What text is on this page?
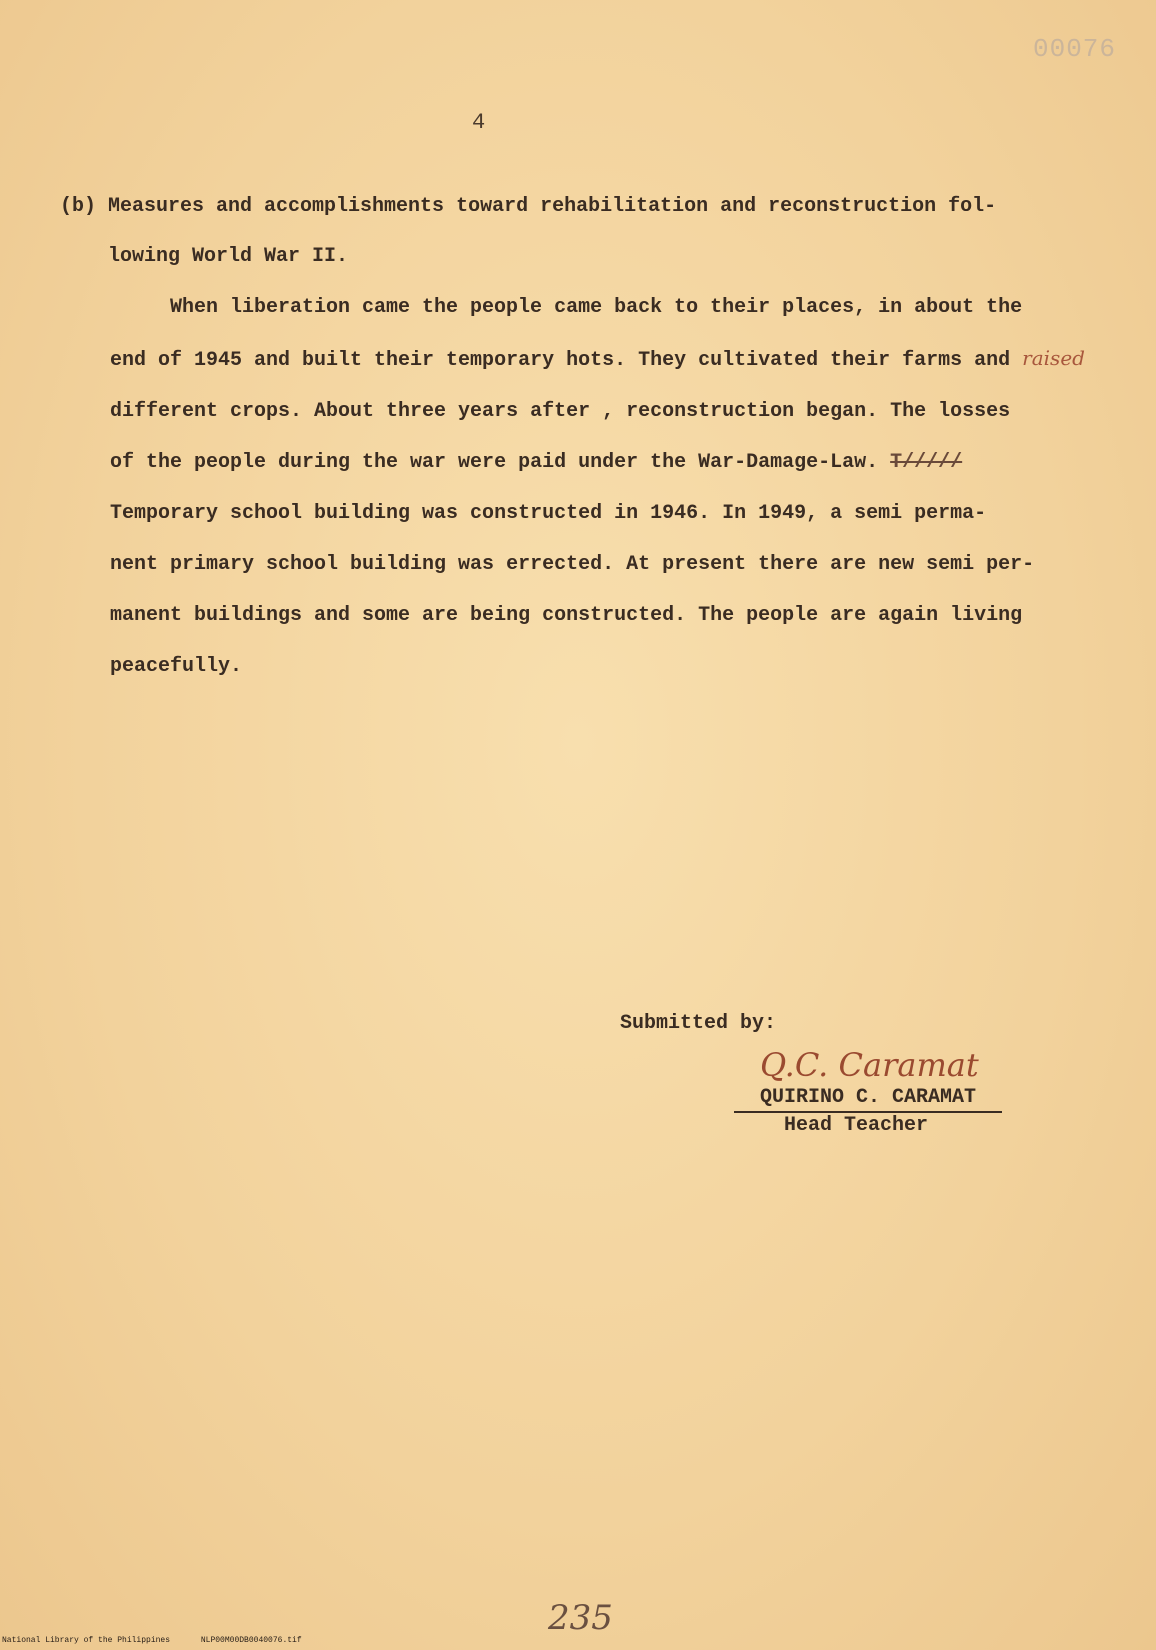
00076
4
(b) Measures and accomplishments toward rehabilitation and reconstruction fol-
lowing World War II.
When liberation came the people came back to their places, in about the
end of 1945 and built their temporary hots. They cultivated their farms and raised
different crops. About three years after , reconstruction began. The losses
of the people during the war were paid under the War-Damage-Law. T/////
Temporary school building was constructed in 1946. In 1949, a semi perma-
nent primary school building was errected. At present there are new semi per-
manent buildings and some are being constructed. The people are again living
peacefully.
Submitted by:
Q.C. Caramat
QUIRINO C. CARAMAT
Head Teacher
235
National Library of the Philippines	NLP00M00DB0040076.tif
